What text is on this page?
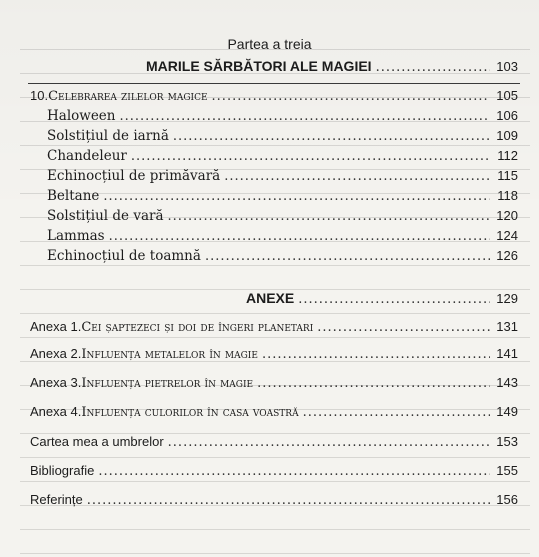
Partea a treia
MARILE SĂRBĂTORI ALE MAGIEI .....	103
10. Celebrarea zilelor magice .....	105
Haloween .....	106
Solstițiul de iarnă .....	109
Chandeleur .....	112
Echinocțiul de primăvară .....	115
Beltane .....	118
Solstițiul de vară .....	120
Lammas .....	124
Echinocțiul de toamnă .....	126
ANEXE .....	129
Anexa 1. Cei șaptezeci și doi de îngeri planetari .....	131
Anexa 2. Influența metalelor în magie .....	141
Anexa 3. Influența pietrelor în magie .....	143
Anexa 4. Influența culorilor în casa voastră .....	149
Cartea mea a umbrelor .....	153
Bibliografie .....	155
Referințe .....	156
